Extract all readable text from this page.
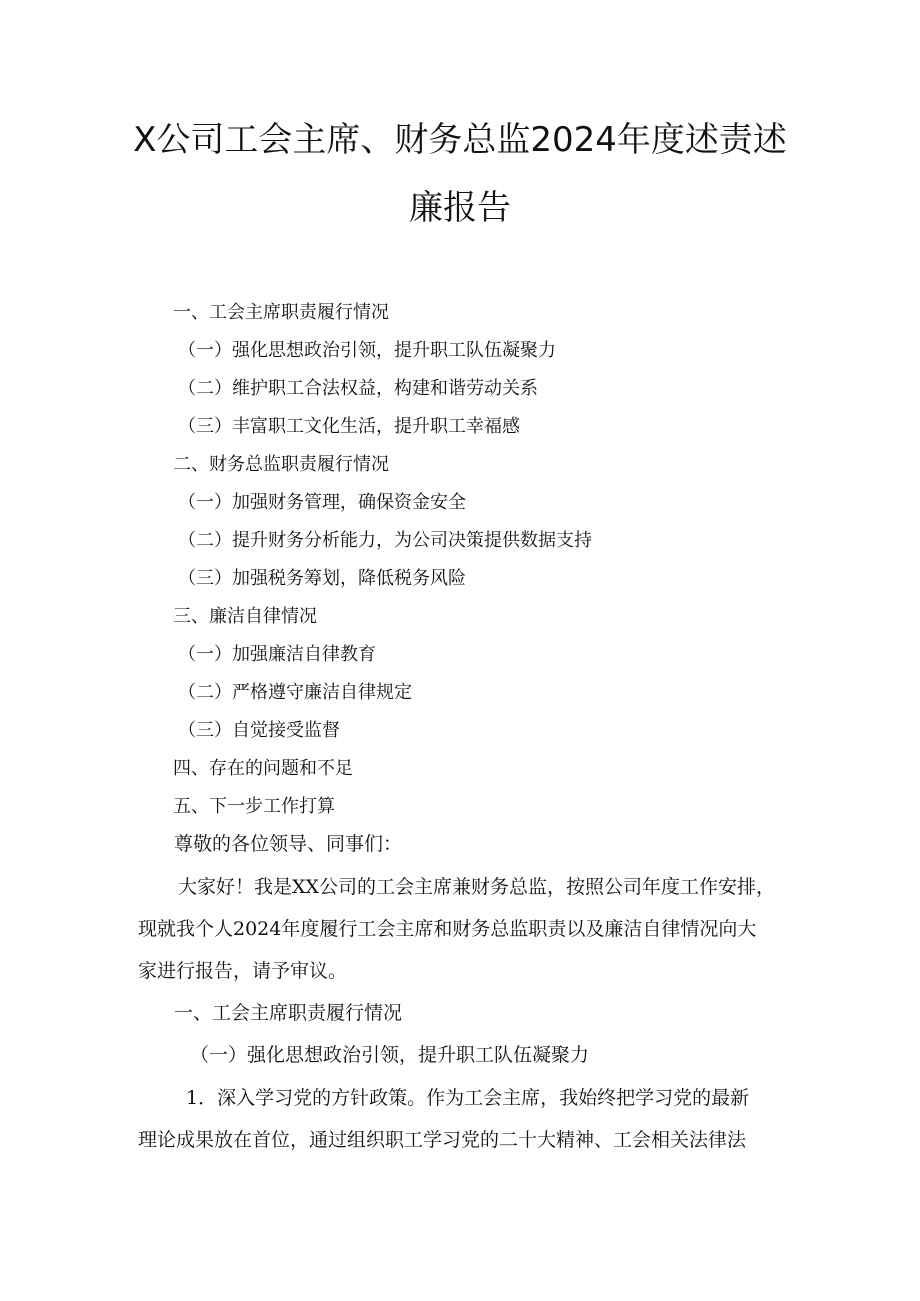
X公司工会主席、财务总监2024年度述责述
廉报告
一、工会主席职责履行情况
（一）强化思想政治引领，提升职工队伍凝聚力
（二）维护职工合法权益，构建和谐劳动关系
（三）丰富职工文化生活，提升职工幸福感
二、财务总监职责履行情况
（一）加强财务管理，确保资金安全
（二）提升财务分析能力，为公司决策提供数据支持
（三）加强税务筹划，降低税务风险
三、廉洁自律情况
（一）加强廉洁自律教育
（二）严格遵守廉洁自律规定
（三）自觉接受监督
四、存在的问题和不足
五、下一步工作打算
尊敬的各位领导、同事们：
大家好！我是XX公司的工会主席兼财务总监，按照公司年度工作安排，
现就我个人2024年度履行工会主席和财务总监职责以及廉洁自律情况向大
家进行报告，请予审议。
一、工会主席职责履行情况
（一）强化思想政治引领，提升职工队伍凝聚力
1．深入学习党的方针政策。作为工会主席，我始终把学习党的最新
理论成果放在首位，通过组织职工学习党的二十大精神、工会相关法律法
